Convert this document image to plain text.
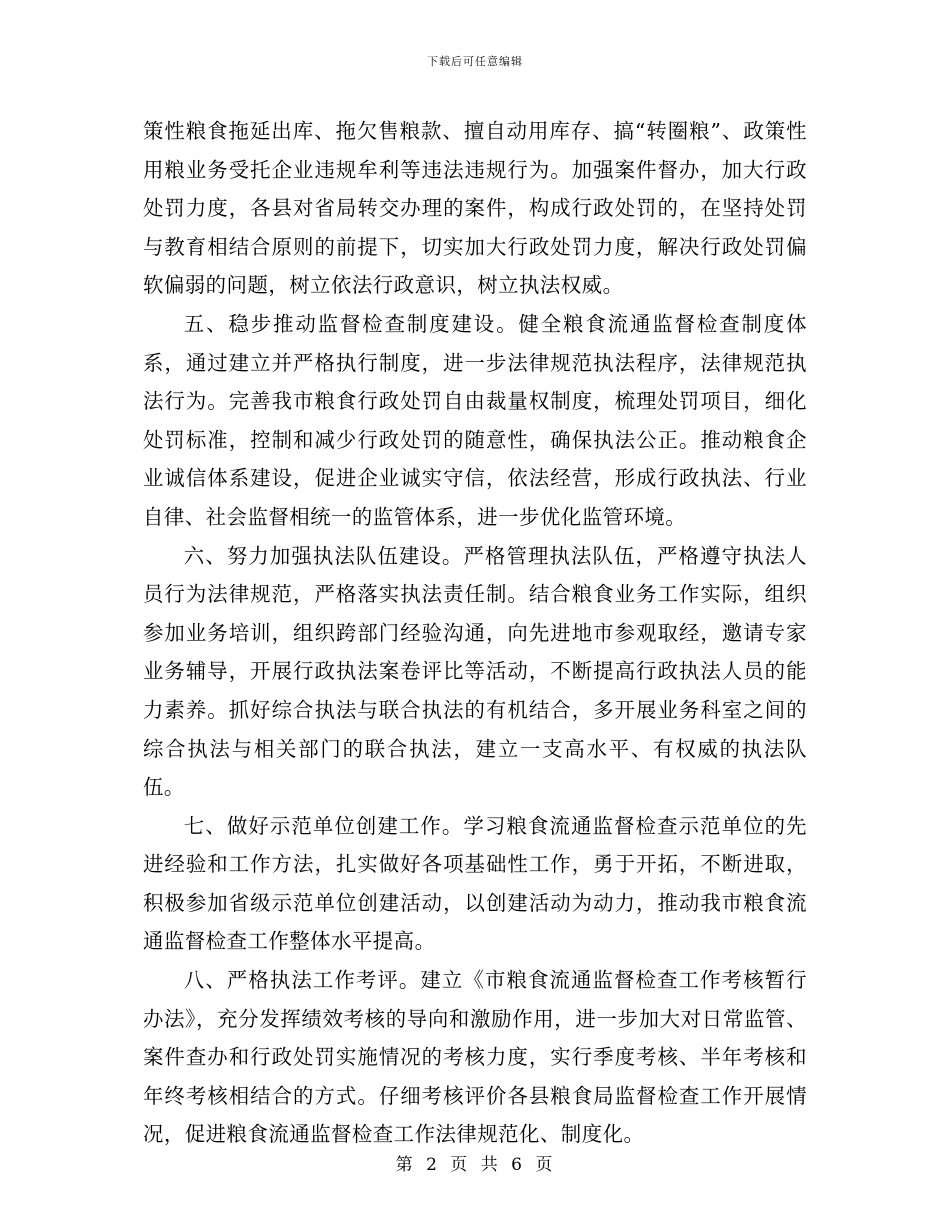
下载后可任意编辑

策性粮食拖延出库、拖欠售粮款、擅自动用库存、搞“转圈粮”、政策性用粮业务受托企业违规牟利等违法违规行为。加强案件督办，加大行政处罚力度，各县对省局转交办理的案件，构成行政处罚的，在坚持处罚与教育相结合原则的前提下，切实加大行政处罚力度，解决行政处罚偏软偏弱的问题，树立依法行政意识，树立执法权威。

五、稳步推动监督检查制度建设。健全粮食流通监督检查制度体系，通过建立并严格执行制度，进一步法律规范执法程序，法律规范执法行为。完善我市粮食行政处罚自由裁量权制度，梳理处罚项目，细化处罚标准，控制和减少行政处罚的随意性，确保执法公正。推动粮食企业诚信体系建设，促进企业诚实守信，依法经营，形成行政执法、行业自律、社会监督相统一的监管体系，进一步优化监管环境。

六、努力加强执法队伍建设。严格管理执法队伍，严格遵守执法人员行为法律规范，严格落实执法责任制。结合粮食业务工作实际，组织参加业务培训，组织跨部门经验沟通，向先进地市参观取经，邀请专家业务辅导，开展行政执法案卷评比等活动，不断提高行政执法人员的能力素养。抓好综合执法与联合执法的有机结合，多开展业务科室之间的综合执法与相关部门的联合执法，建立一支高水平、有权威的执法队伍。

七、做好示范单位创建工作。学习粮食流通监督检查示范单位的先进经验和工作方法，扎实做好各项基础性工作，勇于开拓，不断进取，积极参加省级示范单位创建活动，以创建活动为动力，推动我市粮食流通监督检查工作整体水平提高。

八、严格执法工作考评。建立《市粮食流通监督检查工作考核暂行办法》，充分发挥绩效考核的导向和激励作用，进一步加大对日常监管、案件查办和行政处罚实施情况的考核力度，实行季度考核、半年考核和年终考核相结合的方式。仔细考核评价各县粮食局监督检查工作开展情况，促进粮食流通监督检查工作法律规范化、制度化。

第 2 页 共 6 页
